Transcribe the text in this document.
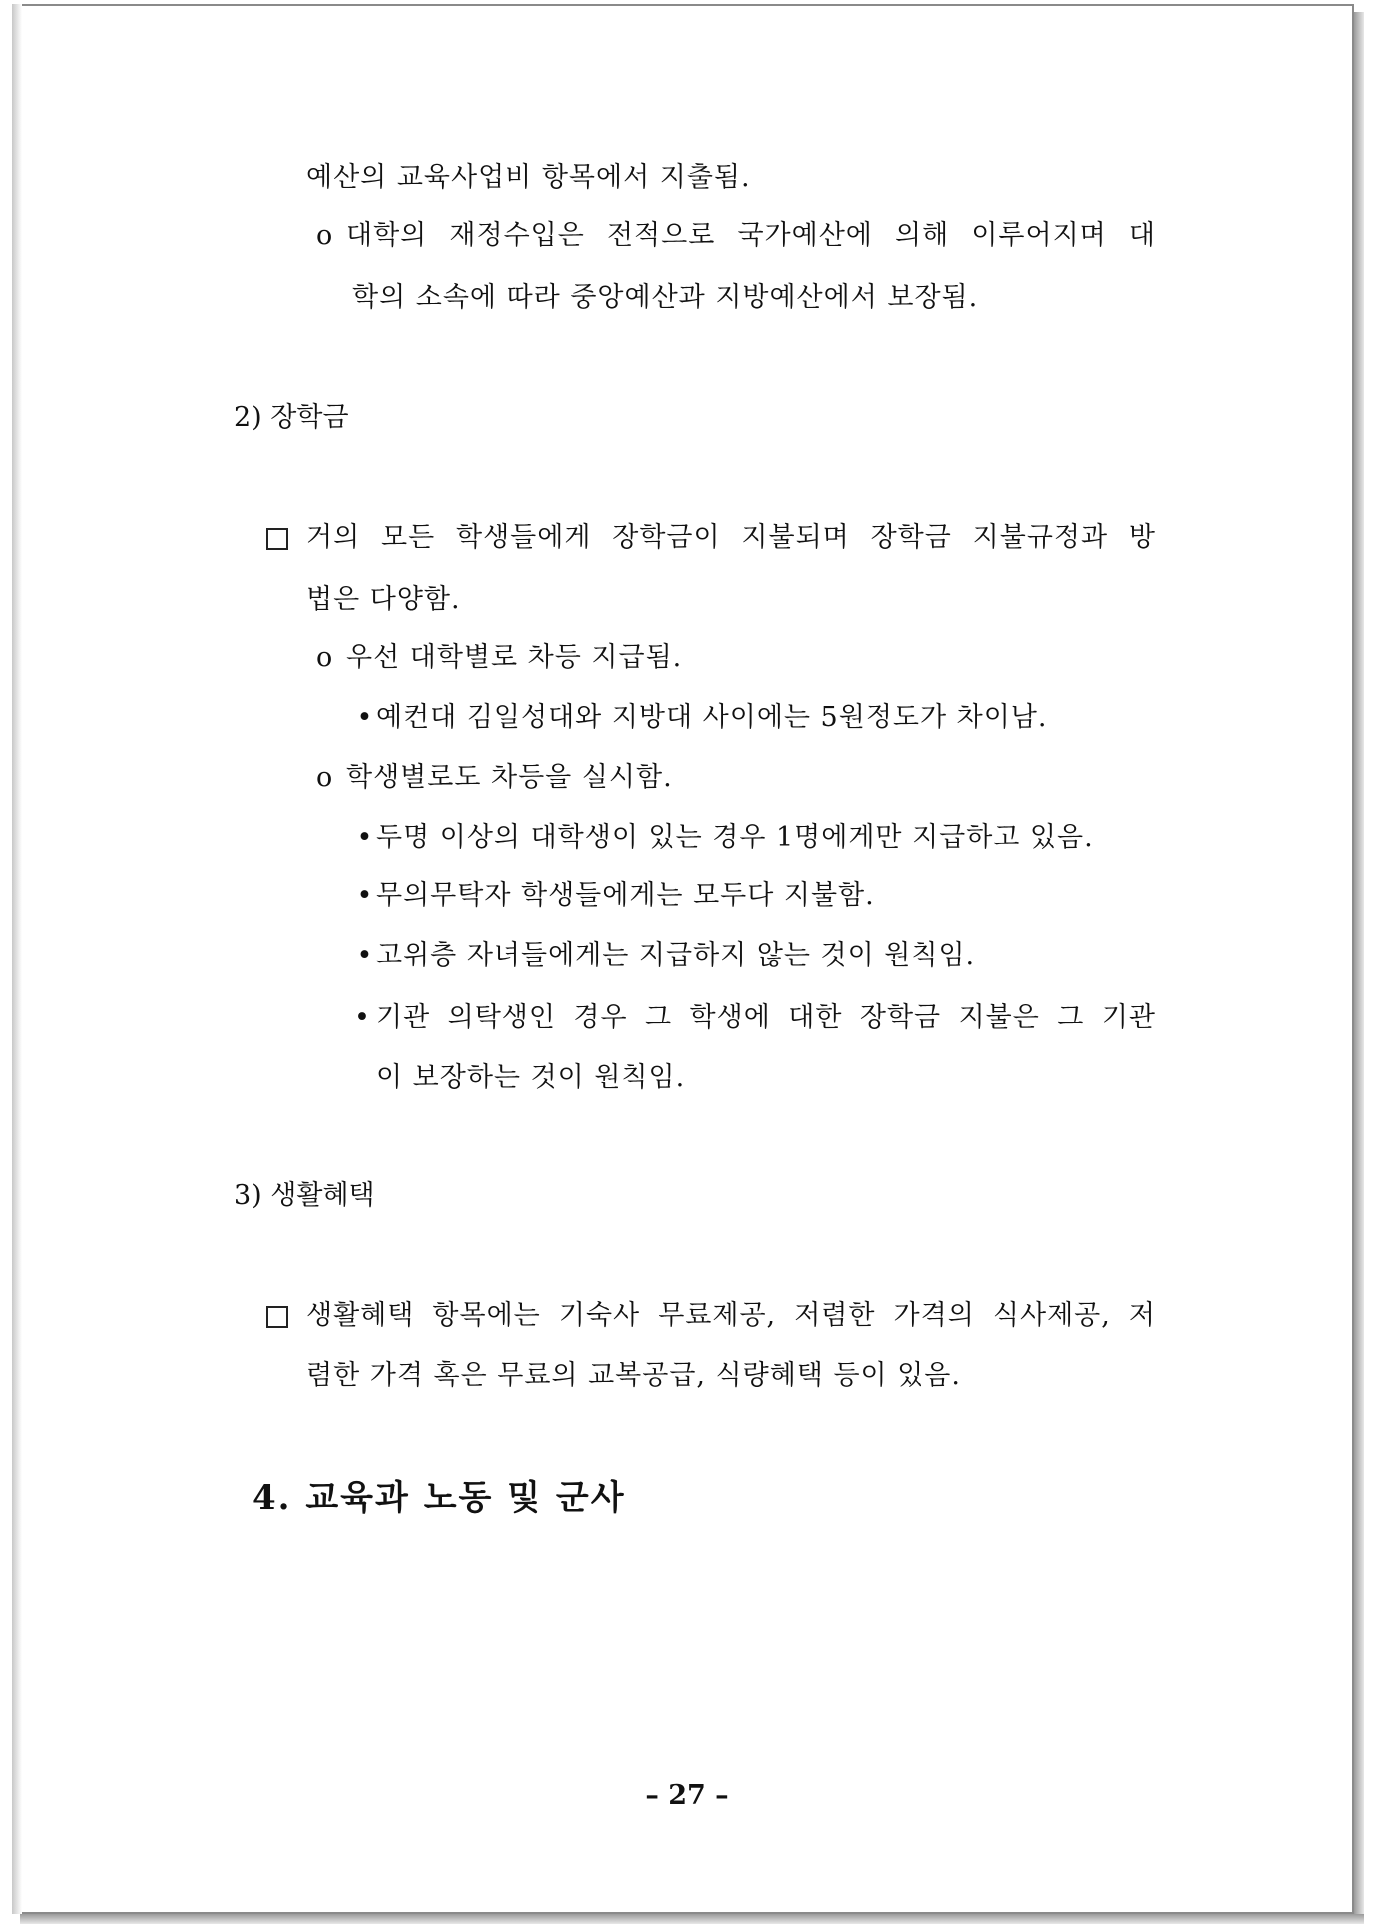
예산의 교육사업비 항목에서 지출됨.
o 대학의 재정수입은 전적으로 국가예산에 의해 이루어지며 대
학의 소속에 따라 중앙예산과 지방예산에서 보장됨.
2) 장학금
거의 모든 학생들에게 장학금이 지불되며 장학금 지불규정과 방
법은 다양함.
o 우선 대학별로 차등 지급됨.
•예컨대 김일성대와 지방대 사이에는 5원정도가 차이남.
o 학생별로도 차등을 실시함.
•두명 이상의 대학생이 있는 경우 1명에게만 지급하고 있음.
•무의무탁자 학생들에게는 모두다 지불함.
•고위층 자녀들에게는 지급하지 않는 것이 원칙임.
• 기관 의탁생인 경우 그 학생에 대한 장학금 지불은 그 기관
이 보장하는 것이 원칙임.
3) 생활혜택
생활혜택 항목에는 기숙사 무료제공, 저렴한 가격의 식사제공, 저
렴한 가격 혹은 무료의 교복공급, 식량혜택 등이 있음.
4. 교육과 노동 및 군사
– 27 –
